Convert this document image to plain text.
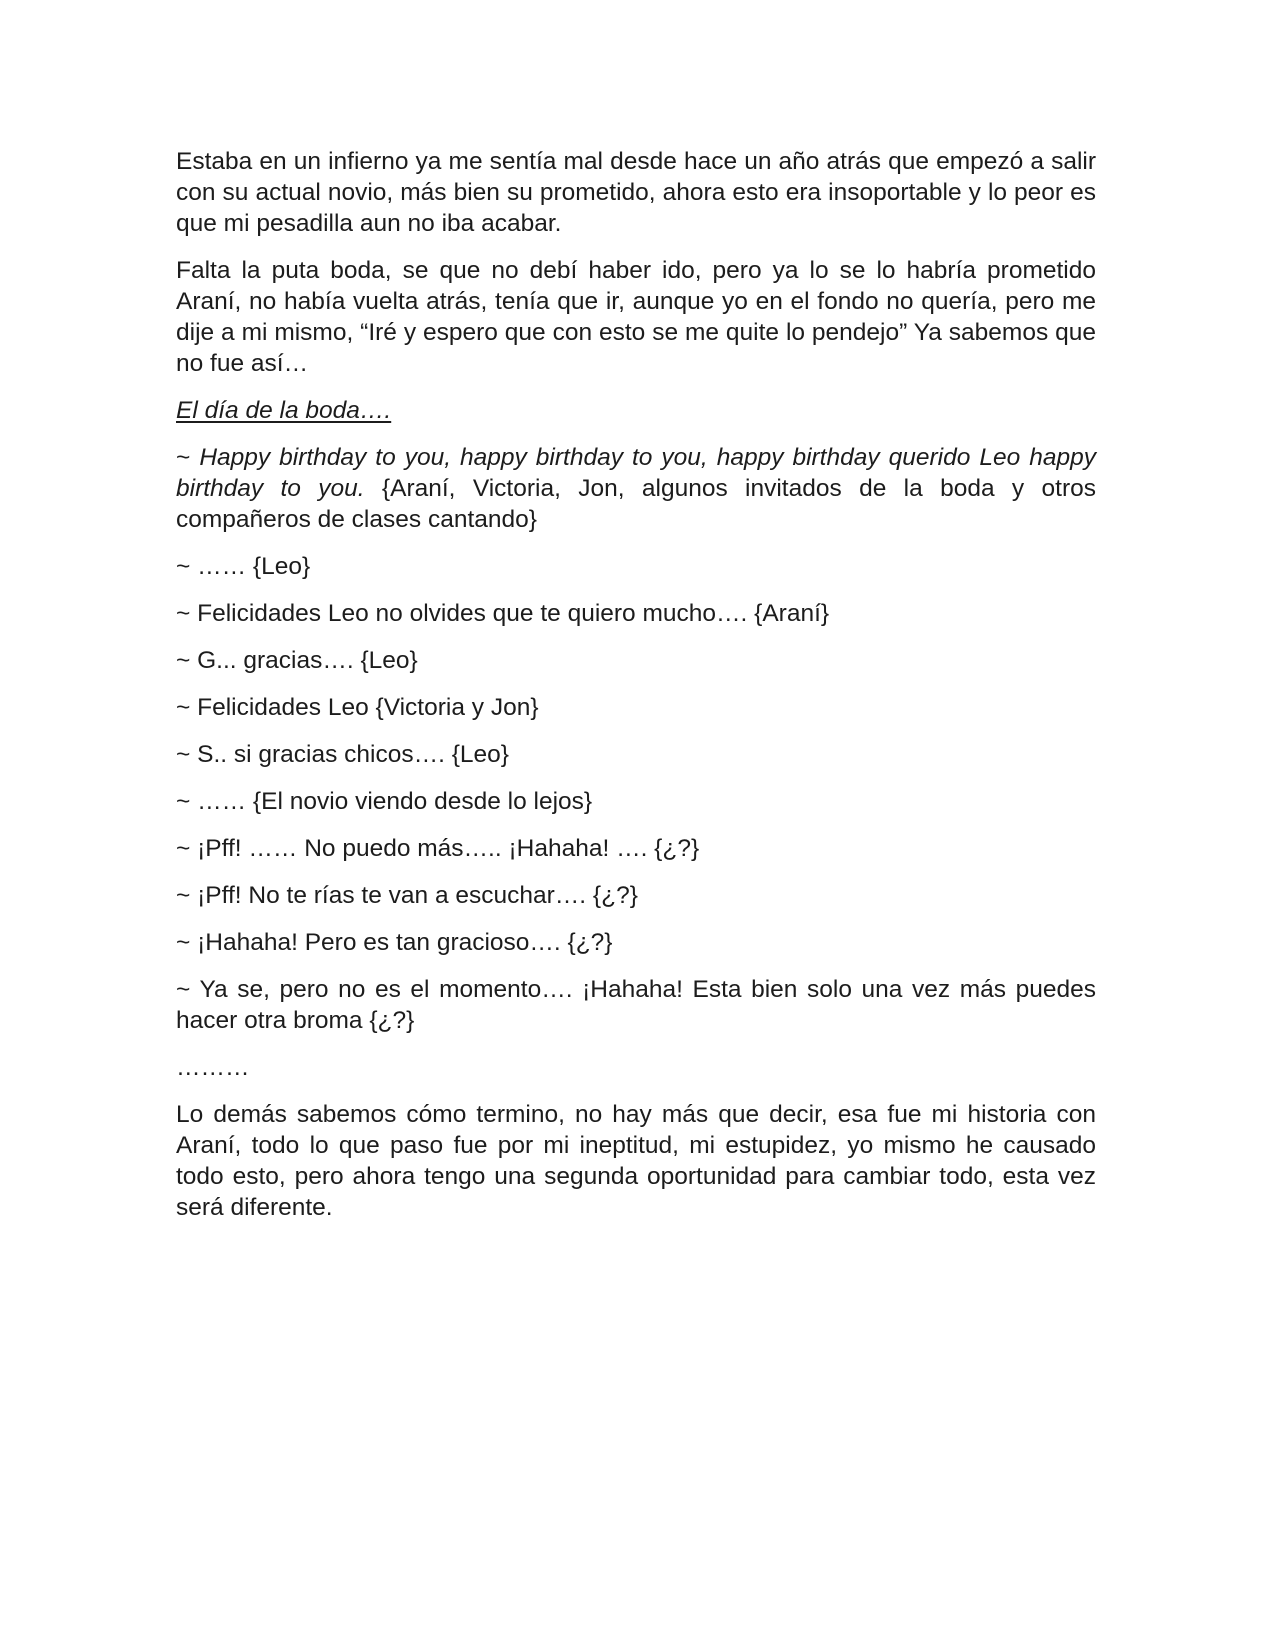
Estaba en un infierno ya me sentía mal desde hace un año atrás que empezó a salir con su actual novio, más bien su prometido, ahora esto era insoportable y lo peor es que mi pesadilla aun no iba acabar.

Falta la puta boda, se que no debí haber ido, pero ya lo se lo habría prometido Araní, no había vuelta atrás, tenía que ir, aunque yo en el fondo no quería, pero me dije a mi mismo, “Iré y espero que con esto se me quite lo pendejo” Ya sabemos que no fue así…

El día de la boda….

~ Happy birthday to you, happy birthday to you, happy birthday querido Leo happy birthday to you. {Araní, Victoria, Jon, algunos invitados de la boda y otros compañeros de clases cantando}

~ …… {Leo}

~ Felicidades Leo no olvides que te quiero mucho…. {Araní}

~ G... gracias…. {Leo}

~ Felicidades Leo {Victoria y Jon}

~ S.. si gracias chicos…. {Leo}

~ …… {El novio viendo desde lo lejos}

~ ¡Pff! …… No puedo más….. ¡Hahaha! …. {¿?}

~ ¡Pff! No te rías te van a escuchar…. {¿?}

~ ¡Hahaha! Pero es tan gracioso…. {¿?}

~ Ya se, pero no es el momento…. ¡Hahaha! Esta bien solo una vez más puedes hacer otra broma {¿?}

………

Lo demás sabemos cómo termino, no hay más que decir, esa fue mi historia con Araní, todo lo que paso fue por mi ineptitud, mi estupidez, yo mismo he causado todo esto, pero ahora tengo una segunda oportunidad para cambiar todo, esta vez será diferente.
